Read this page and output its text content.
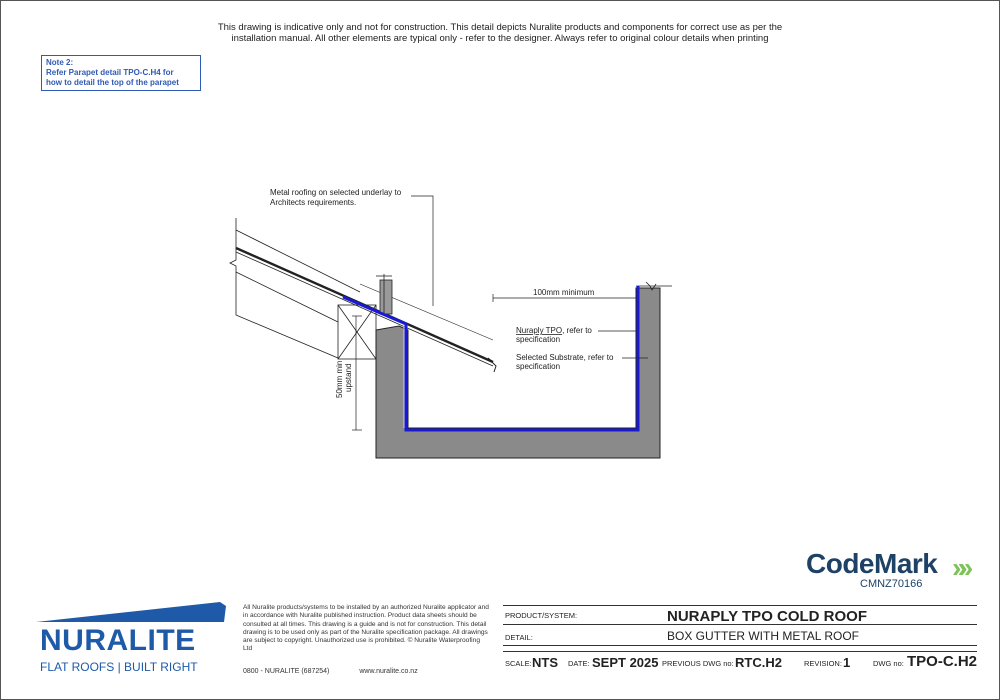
This drawing is indicative only and not for construction. This detail depicts Nuralite products and components for correct use as per the
installation manual. All other elements are typical only - refer to the designer. Always refer to original colour details when printing
Note 2:
Refer Parapet detail TPO-C.H4 for
how to detail the top of the parapet
100mm minimum
50mm min upstand
Metal roofing on selected underlay to
Architects requirements.
Nuraply TPO, refer to
specification
Selected Substrate, refer to
specification
CodeMark »»
CMNZ70166
NURALITE
FLAT ROOFS | BUILT RIGHT
All Nuralite products/systems to be installed by an authorized Nuralite applicator and in accordance with Nuralite published instruction. Product data sheets should be consulted at all times. This drawing is a guide and is not for construction. This detail drawing is to be used only as part of the Nuralite specification package. All drawings are subject to copyright. Unauthorized use is prohibited. © Nuralite Waterproofing Ltd
0800 - NURALITE (687254)	www.nuralite.co.nz
PRODUCT/SYSTEM:	NURAPLY TPO COLD ROOF
DETAIL:	BOX GUTTER WITH METAL ROOF
SCALE: NTS DATE: SEPT 2025 PREVIOUS DWG no: RTC.H2	REVISION: 1	DWG no: TPO-C.H2
